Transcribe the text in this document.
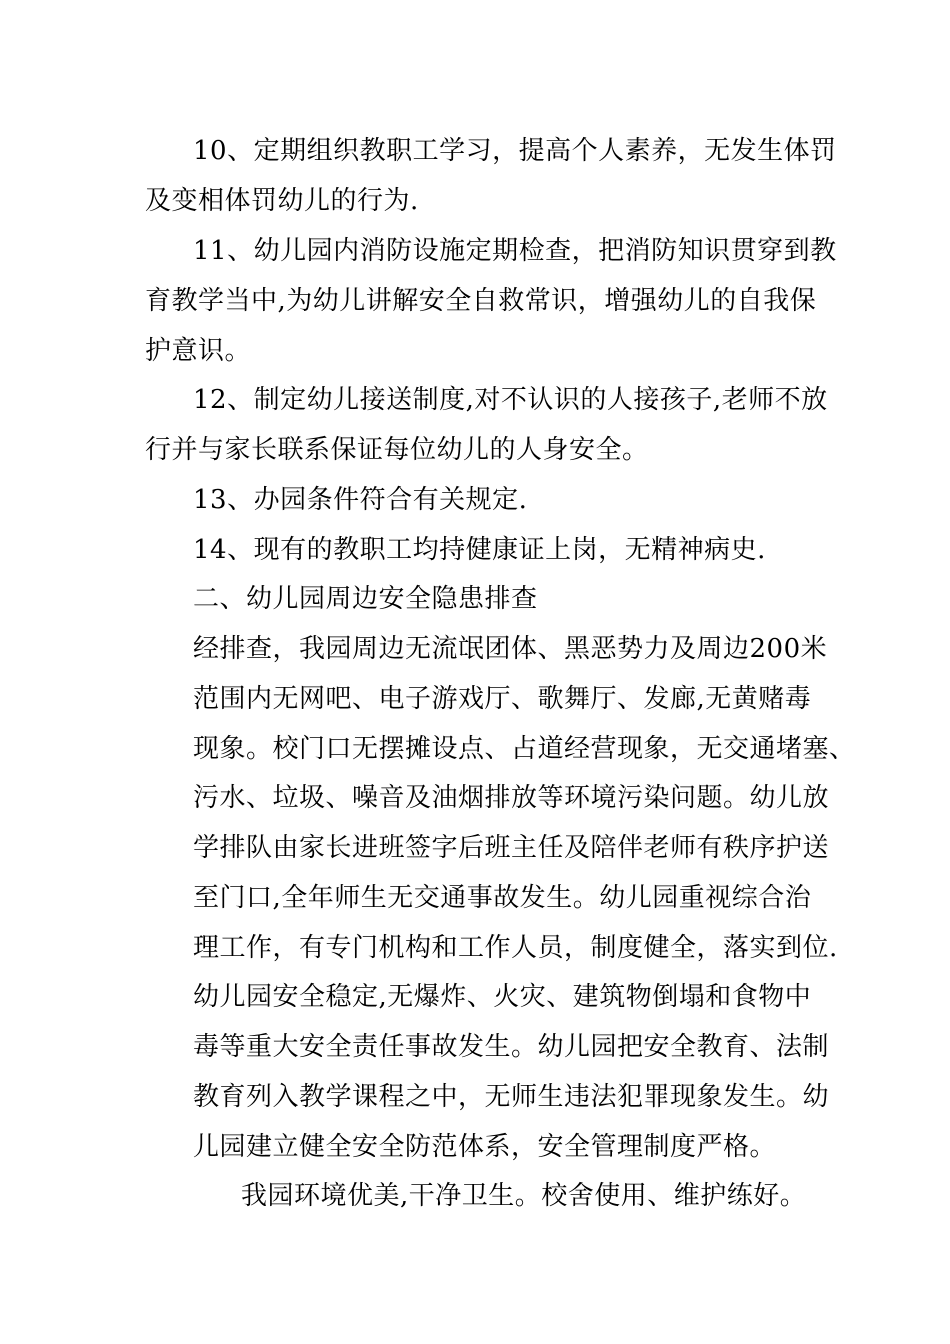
10、定期组织教职工学习，提高个人素养，无发生体罚
及变相体罚幼儿的行为.
11、幼儿园内消防设施定期检查，把消防知识贯穿到教
育教学当中,为幼儿讲解安全自救常识，增强幼儿的自我保
护意识。
12、制定幼儿接送制度,对不认识的人接孩子,老师不放
行并与家长联系保证每位幼儿的人身安全。
13、办园条件符合有关规定.
14、现有的教职工均持健康证上岗，无精神病史.
二、幼儿园周边安全隐患排查
经排查，我园周边无流氓团体、黑恶势力及周边200米
范围内无网吧、电子游戏厅、歌舞厅、发廊,无黄赌毒
现象。校门口无摆摊设点、占道经营现象，无交通堵塞、
污水、垃圾、噪音及油烟排放等环境污染问题。幼儿放
学排队由家长进班签字后班主任及陪伴老师有秩序护送
至门口,全年师生无交通事故发生。幼儿园重视综合治
理工作，有专门机构和工作人员，制度健全，落实到位.
幼儿园安全稳定,无爆炸、火灾、建筑物倒塌和食物中
毒等重大安全责任事故发生。幼儿园把安全教育、法制
教育列入教学课程之中，无师生违法犯罪现象发生。幼
儿园建立健全安全防范体系，安全管理制度严格。
我园环境优美,干净卫生。校舍使用、维护练好。
